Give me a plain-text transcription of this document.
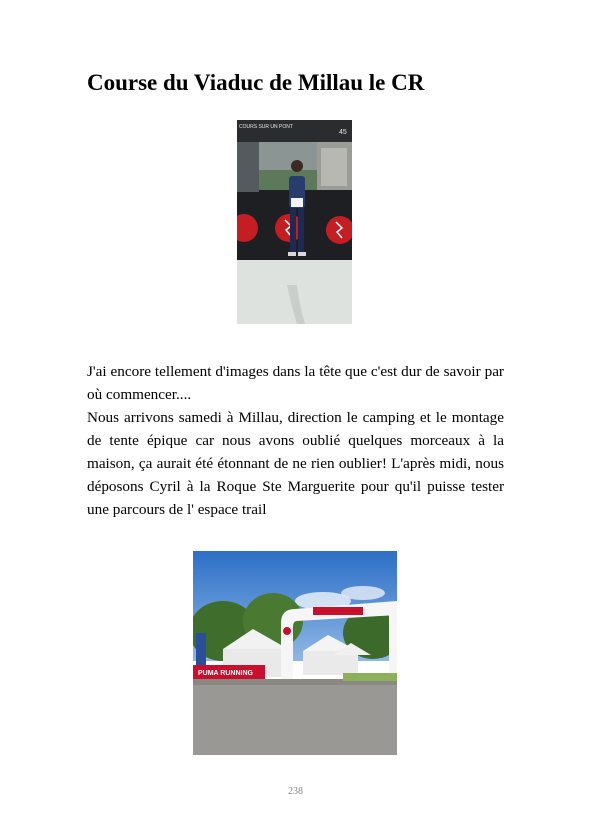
Course du Viaduc de Millau le CR
COURS SUR UN PONT
45

J'ai encore tellement d'images dans la tête que c'est dur de savoir par où commencer....

Nous arrivons samedi à Millau, direction le camping et le montage de tente épique car nous avons oublié quelques morceaux à la maison, ça aurait été étonnant de ne rien oublier! L'après midi, nous déposons Cyril à la Roque Ste Marguerite pour qu'il puisse tester une parcours de l' espace trail

PUMA RUNNING
238
